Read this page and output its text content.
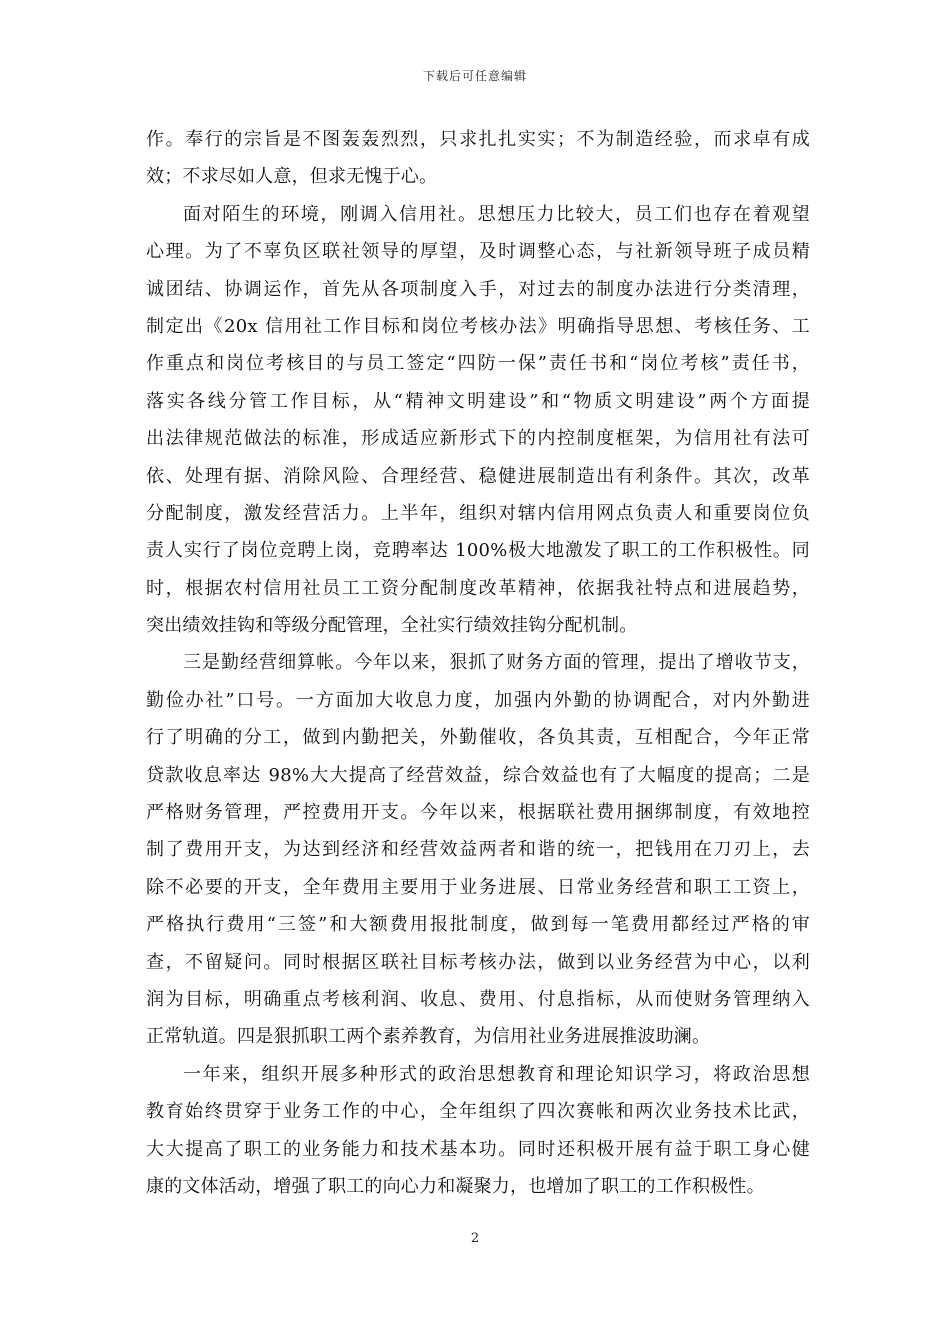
下载后可任意编辑
作。奉行的宗旨是不图轰轰烈烈，只求扎扎实实；不为制造经验，而求卓有成
效；不求尽如人意，但求无愧于心。
面对陌生的环境，刚调入信用社。思想压力比较大，员工们也存在着观望
心理。为了不辜负区联社领导的厚望，及时调整心态，与社新领导班子成员精
诚团结、协调运作，首先从各项制度入手，对过去的制度办法进行分类清理，
制定出《20x 信用社工作目标和岗位考核办法》明确指导思想、考核任务、工
作重点和岗位考核目的与员工签定“四防一保”责任书和“岗位考核”责任书，
落实各线分管工作目标，从“精神文明建设”和“物质文明建设”两个方面提
出法律规范做法的标准，形成适应新形式下的内控制度框架，为信用社有法可
依、处理有据、消除风险、合理经营、稳健进展制造出有利条件。其次，改革
分配制度，激发经营活力。上半年，组织对辖内信用网点负责人和重要岗位负
责人实行了岗位竞聘上岗，竞聘率达 100%极大地激发了职工的工作积极性。同
时，根据农村信用社员工工资分配制度改革精神，依据我社特点和进展趋势，
突出绩效挂钩和等级分配管理，全社实行绩效挂钩分配机制。
三是勤经营细算帐。今年以来，狠抓了财务方面的管理，提出了增收节支，
勤俭办社”口号。一方面加大收息力度，加强内外勤的协调配合，对内外勤进
行了明确的分工，做到内勤把关，外勤催收，各负其责，互相配合，今年正常
贷款收息率达 98%大大提高了经营效益，综合效益也有了大幅度的提高；二是
严格财务管理，严控费用开支。今年以来，根据联社费用捆绑制度，有效地控
制了费用开支，为达到经济和经营效益两者和谐的统一，把钱用在刀刃上，去
除不必要的开支，全年费用主要用于业务进展、日常业务经营和职工工资上，
严格执行费用“三签”和大额费用报批制度，做到每一笔费用都经过严格的审
查，不留疑问。同时根据区联社目标考核办法，做到以业务经营为中心，以利
润为目标，明确重点考核利润、收息、费用、付息指标，从而使财务管理纳入
正常轨道。四是狠抓职工两个素养教育，为信用社业务进展推波助澜。
一年来，组织开展多种形式的政治思想教育和理论知识学习，将政治思想
教育始终贯穿于业务工作的中心，全年组织了四次赛帐和两次业务技术比武，
大大提高了职工的业务能力和技术基本功。同时还积极开展有益于职工身心健
康的文体活动，增强了职工的向心力和凝聚力，也增加了职工的工作积极性。
2
